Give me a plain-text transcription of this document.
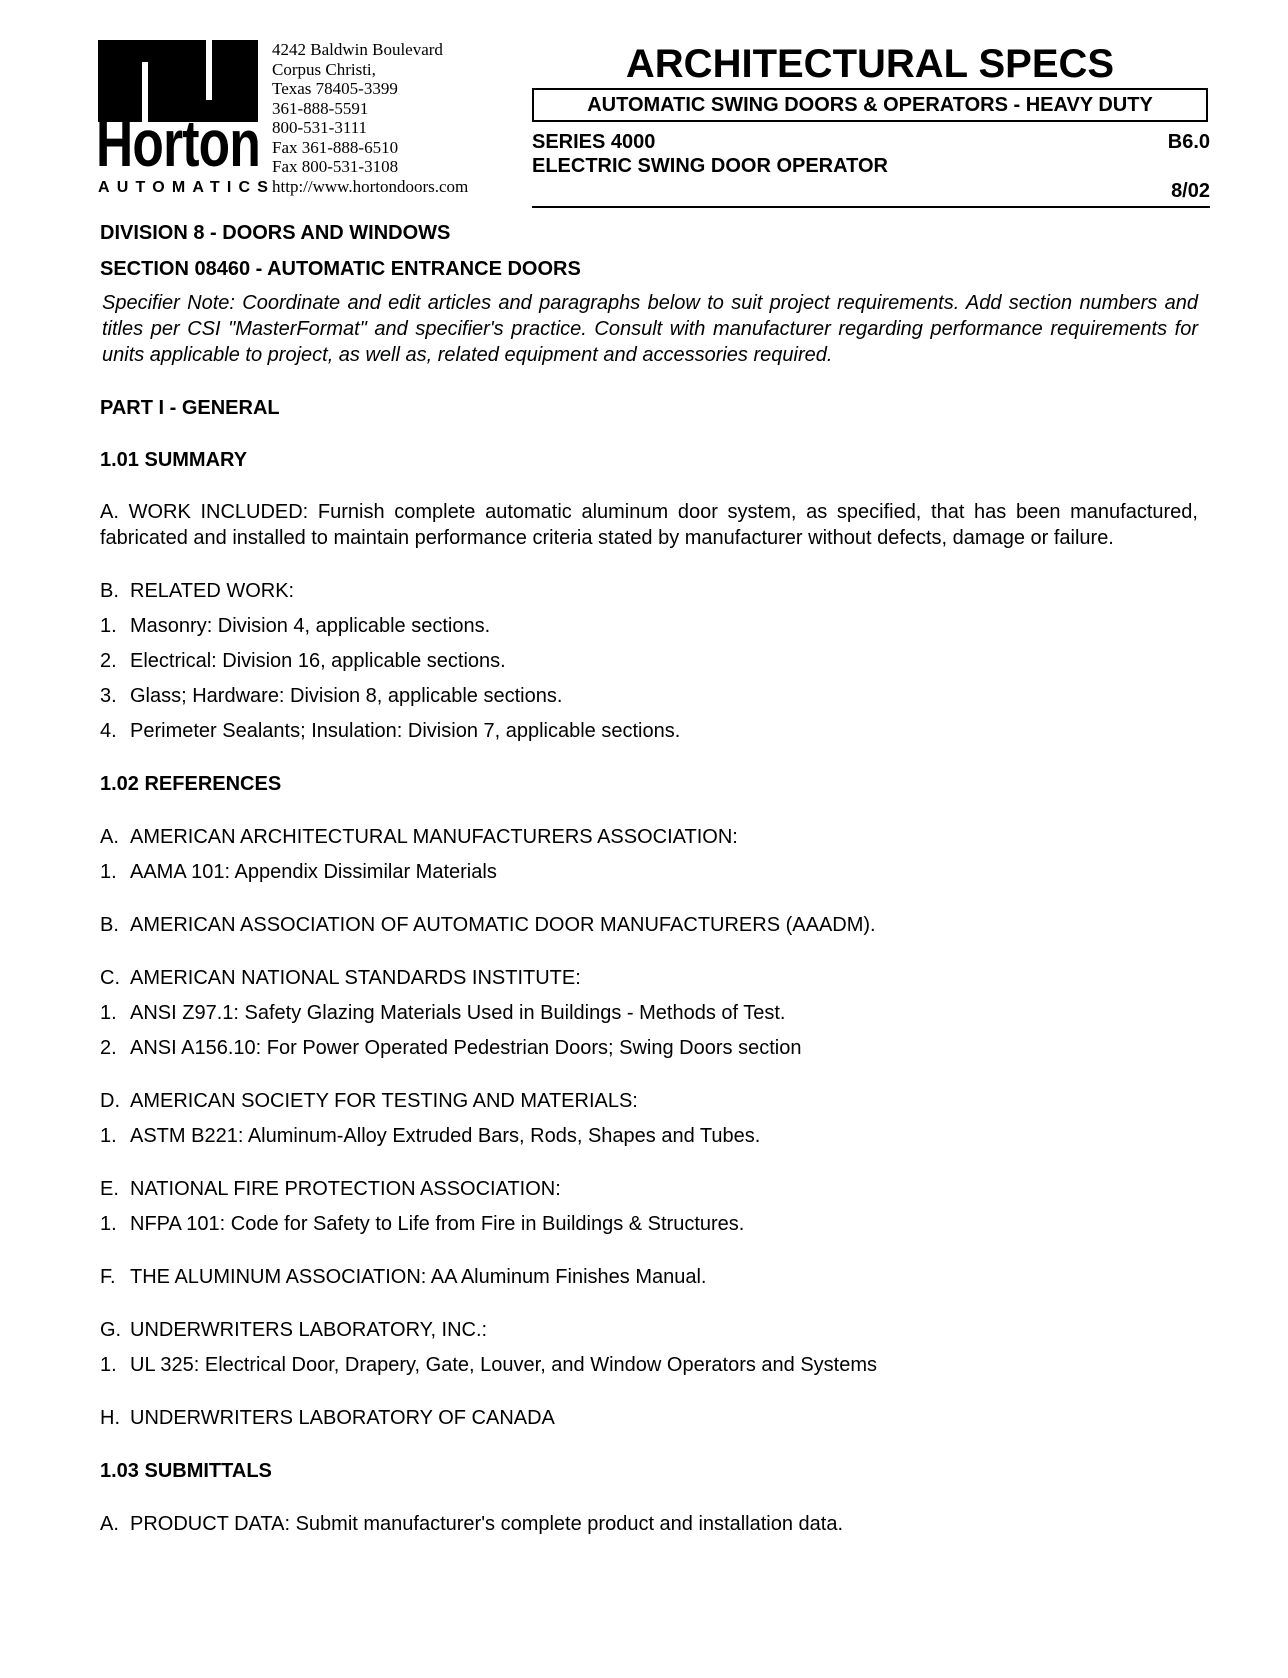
Horton
AUTOMATICS
4242 Baldwin Boulevard
Corpus Christi,
Texas 78405-3399
361-888-5591
800-531-3111
Fax 361-888-6510
Fax 800-531-3108
http://www.hortondoors.com
ARCHITECTURAL SPECS
AUTOMATIC SWING DOORS & OPERATORS - HEAVY DUTY
SERIES 4000
ELECTRIC SWING DOOR OPERATOR
B6.0
8/02

DIVISION 8 - DOORS AND WINDOWS

SECTION 08460 - AUTOMATIC ENTRANCE DOORS

Specifier Note: Coordinate and edit articles and paragraphs below to suit project requirements. Add section numbers and titles per CSI "MasterFormat" and specifier's practice. Consult with manufacturer regarding performance requirements for units applicable to project, as well as, related equipment and accessories required.

PART I - GENERAL

1.01 SUMMARY

A. WORK INCLUDED: Furnish complete automatic aluminum door system, as specified, that has been manufactured, fabricated and installed to maintain performance criteria stated by manufacturer without defects, damage or failure.

B. RELATED WORK:
1. Masonry: Division 4, applicable sections.
2. Electrical: Division 16, applicable sections.
3. Glass; Hardware: Division 8, applicable sections.
4. Perimeter Sealants; Insulation: Division 7, applicable sections.

1.02 REFERENCES

A. AMERICAN ARCHITECTURAL MANUFACTURERS ASSOCIATION:
1. AAMA 101: Appendix Dissimilar Materials
B. AMERICAN ASSOCIATION OF AUTOMATIC DOOR MANUFACTURERS (AAADM).
C. AMERICAN NATIONAL STANDARDS INSTITUTE:
1. ANSI Z97.1: Safety Glazing Materials Used in Buildings - Methods of Test.
2. ANSI A156.10: For Power Operated Pedestrian Doors; Swing Doors section
D. AMERICAN SOCIETY FOR TESTING AND MATERIALS:
1. ASTM B221: Aluminum-Alloy Extruded Bars, Rods, Shapes and Tubes.
E. NATIONAL FIRE PROTECTION ASSOCIATION:
1. NFPA 101: Code for Safety to Life from Fire in Buildings & Structures.
F. THE ALUMINUM ASSOCIATION: AA Aluminum Finishes Manual.
G. UNDERWRITERS LABORATORY, INC.:
1. UL 325: Electrical Door, Drapery, Gate, Louver, and Window Operators and Systems
H. UNDERWRITERS LABORATORY OF CANADA

1.03 SUBMITTALS

A. PRODUCT DATA: Submit manufacturer's complete product and installation data.
